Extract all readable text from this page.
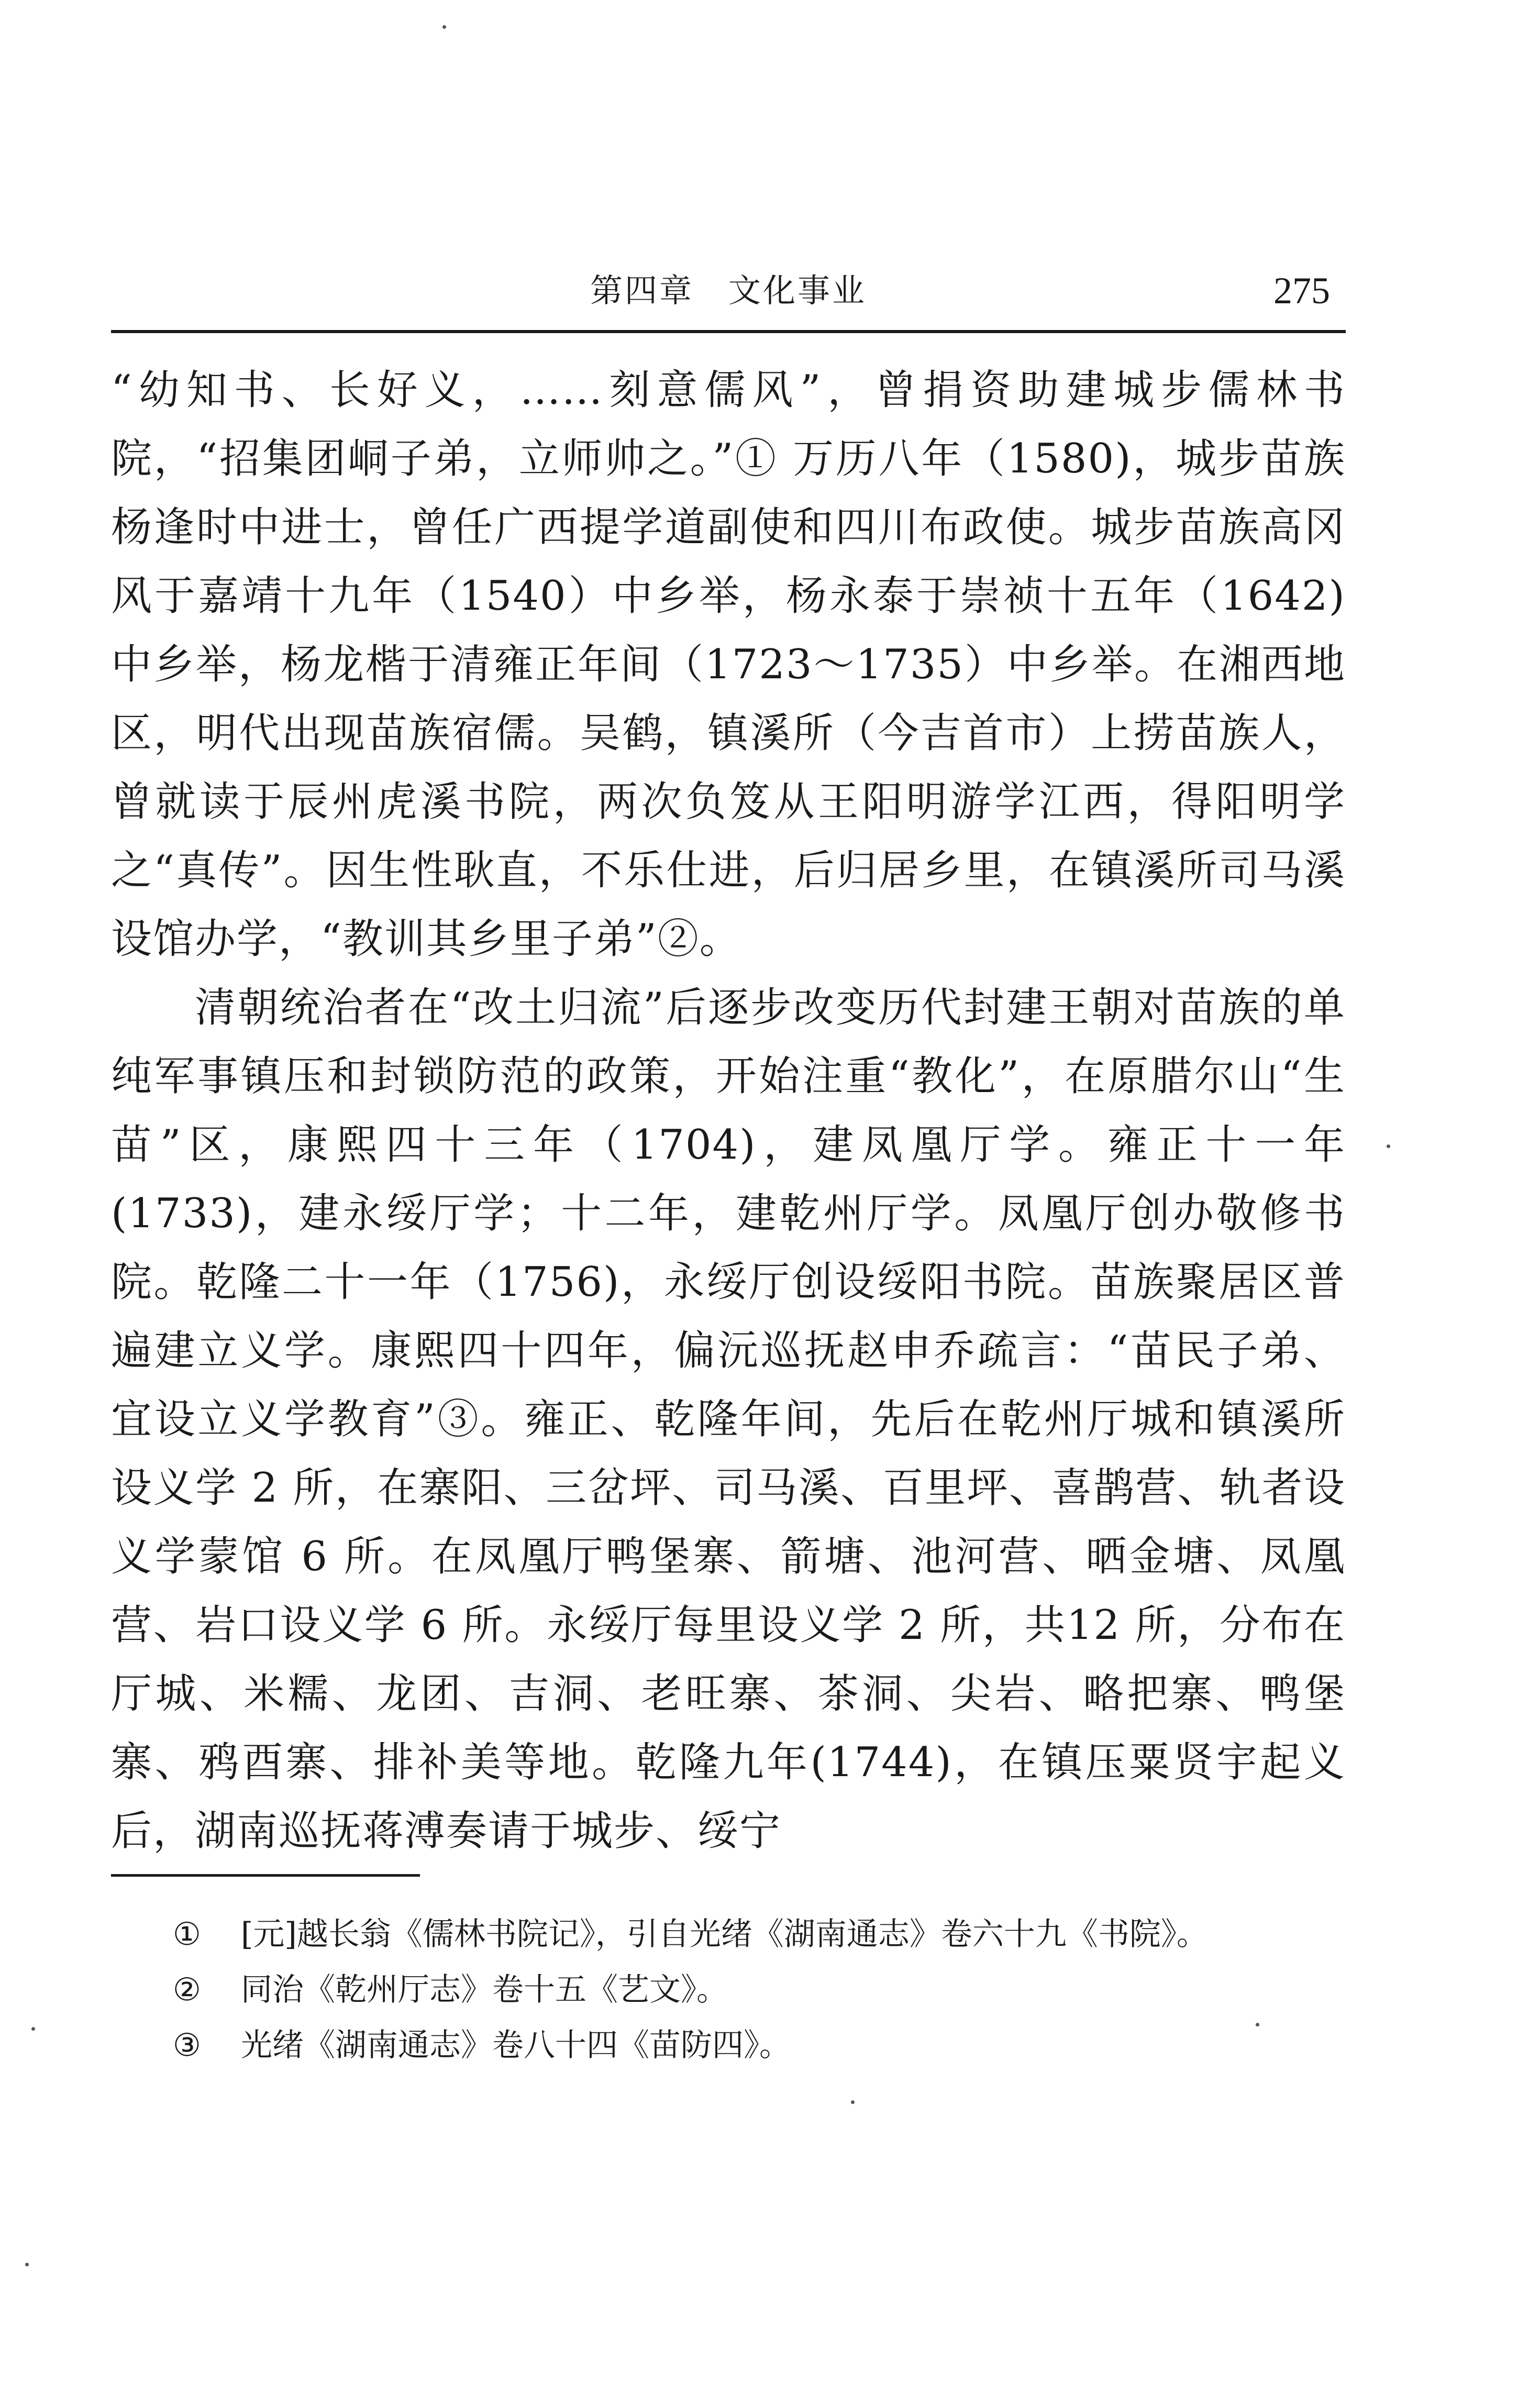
第四章　文化事业	275

“幼知书、长好义，……刻意儒风”，曾捐资助建城步儒林书院，“招集团峒子弟，立师帅之。”① 万历八年（1580)，城步苗族杨逢时中进士，曾任广西提学道副使和四川布政使。城步苗族高冈风于嘉靖十九年（1540）中乡举，杨永泰于崇祯十五年（1642) 中乡举，杨龙楷于清雍正年间（1723～1735）中乡举。在湘西地区，明代出现苗族宿儒。吴鹤，镇溪所（今吉首市）上捞苗族人，曾就读于辰州虎溪书院，两次负笈从王阳明游学江西，得阳明学之“真传”。因生性耿直，不乐仕进，后归居乡里，在镇溪所司马溪设馆办学，“教训其乡里子弟”②。

清朝统治者在“改土归流”后逐步改变历代封建王朝对苗族的单纯军事镇压和封锁防范的政策，开始注重“教化”，在原腊尔山“生苗”区，康熙四十三年（1704)，建凤凰厅学。雍正十一年(1733)，建永绥厅学；十二年，建乾州厅学。凤凰厅创办敬修书院。乾隆二十一年（1756)，永绥厅创设绥阳书院。苗族聚居区普遍建立义学。康熙四十四年，偏沅巡抚赵申乔疏言：“苗民子弟、宜设立义学教育”③。雍正、乾隆年间，先后在乾州厅城和镇溪所设义学 2 所，在寨阳、三岔坪、司马溪、百里坪、喜鹊营、轨者设义学蒙馆 6 所。在凤凰厅鸭堡寨、箭塘、池河营、晒金塘、凤凰营、岩口设义学 6 所。永绥厅每里设义学 2 所，共12 所，分布在厅城、米糯、龙团、吉洞、老旺寨、茶洞、尖岩、略把寨、鸭堡寨、鸦酉寨、排补美等地。乾隆九年(1744)，在镇压粟贤宇起义后，湖南巡抚蒋溥奏请于城步、绥宁

① [元]越长翁《儒林书院记》，引自光绪《湖南通志》卷六十九《书院》。
② 同治《乾州厅志》卷十五《艺文》。
③ 光绪《湖南通志》卷八十四《苗防四》。
